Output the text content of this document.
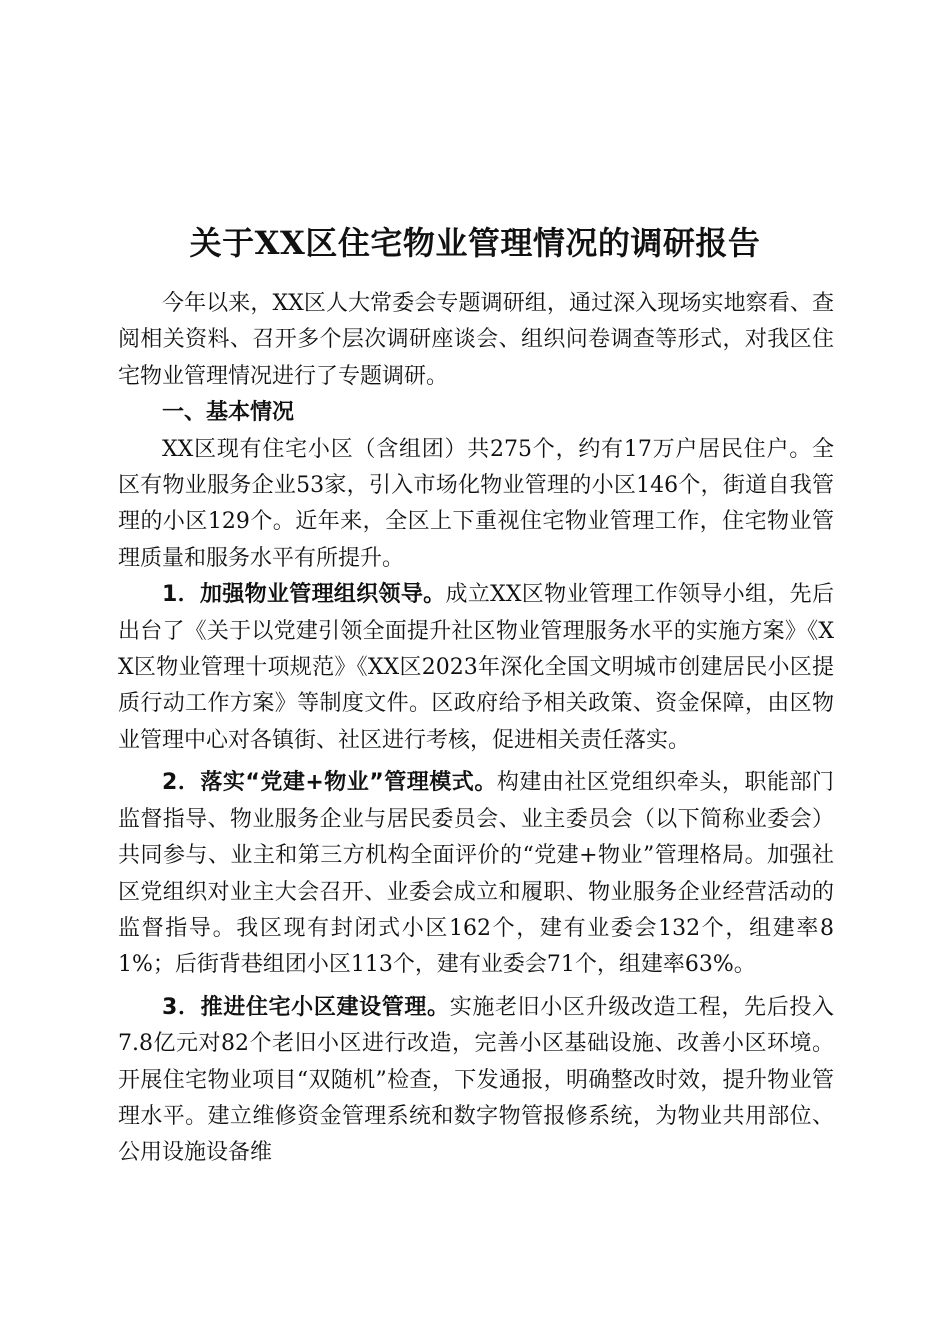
关于XX区住宅物业管理情况的调研报告

今年以来，XX区人大常委会专题调研组，通过深入现场实地察看、查阅相关资料、召开多个层次调研座谈会、组织问卷调查等形式，对我区住宅物业管理情况进行了专题调研。

一、基本情况

XX区现有住宅小区（含组团）共275个，约有17万户居民住户。全区有物业服务企业53家，引入市场化物业管理的小区146个，街道自我管理的小区129个。近年来，全区上下重视住宅物业管理工作，住宅物业管理质量和服务水平有所提升。

1．加强物业管理组织领导。成立XX区物业管理工作领导小组，先后出台了《关于以党建引领全面提升社区物业管理服务水平的实施方案》《XX区物业管理十项规范》《XX区2023年深化全国文明城市创建居民小区提质行动工作方案》等制度文件。区政府给予相关政策、资金保障，由区物业管理中心对各镇街、社区进行考核，促进相关责任落实。

2．落实“党建+物业”管理模式。构建由社区党组织牵头，职能部门监督指导、物业服务企业与居民委员会、业主委员会（以下简称业委会）共同参与、业主和第三方机构全面评价的“党建+物业”管理格局。加强社区党组织对业主大会召开、业委会成立和履职、物业服务企业经营活动的监督指导。我区现有封闭式小区162个，建有业委会132个，组建率81%；后街背巷组团小区113个，建有业委会71个，组建率63%。

3．推进住宅小区建设管理。实施老旧小区升级改造工程，先后投入7.8亿元对82个老旧小区进行改造，完善小区基础设施、改善小区环境。开展住宅物业项目“双随机”检查，下发通报，明确整改时效，提升物业管理水平。建立维修资金管理系统和数字物管报修系统，为物业共用部位、公用设施设备维
